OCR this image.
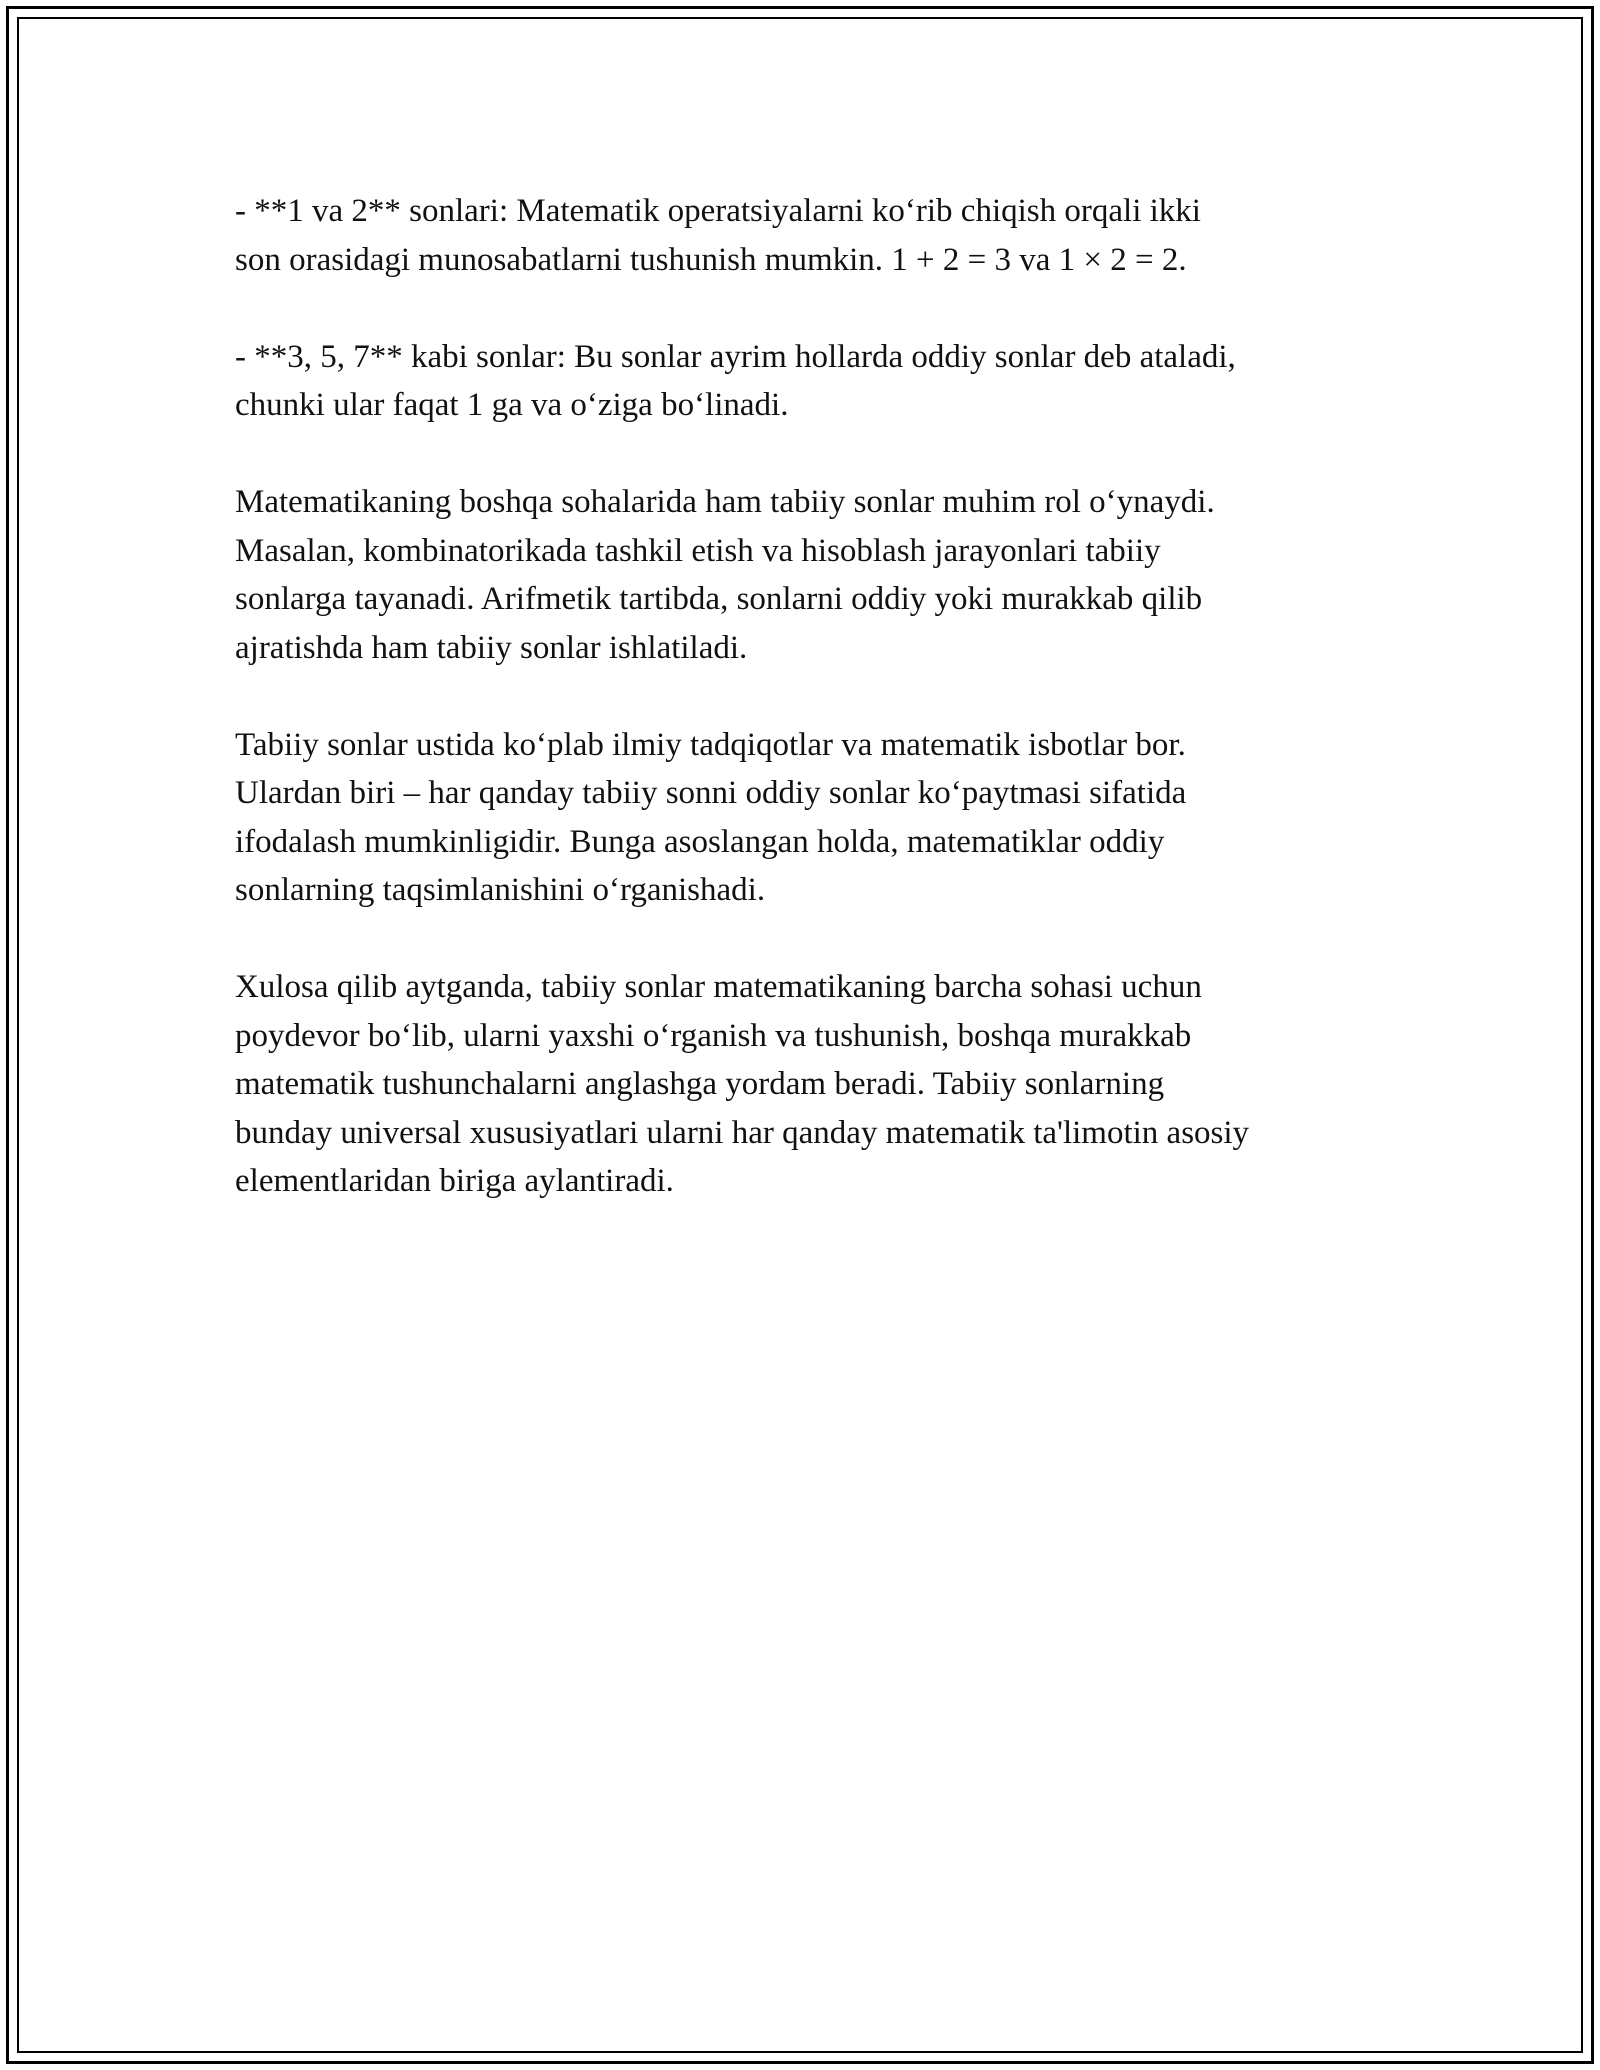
- **1 va 2** sonlari: Matematik operatsiyalarni ko‘rib chiqish orqali ikki
son orasidagi munosabatlarni tushunish mumkin. 1 + 2 = 3 va 1 × 2 = 2.

- **3, 5, 7** kabi sonlar: Bu sonlar ayrim hollarda oddiy sonlar deb ataladi,
chunki ular faqat 1 ga va o‘ziga bo‘linadi.

Matematikaning boshqa sohalarida ham tabiiy sonlar muhim rol o‘ynaydi.
Masalan, kombinatorikada tashkil etish va hisoblash jarayonlari tabiiy
sonlarga tayanadi. Arifmetik tartibda, sonlarni oddiy yoki murakkab qilib
ajratishda ham tabiiy sonlar ishlatiladi.

Tabiiy sonlar ustida ko‘plab ilmiy tadqiqotlar va matematik isbotlar bor.
Ulardan biri – har qanday tabiiy sonni oddiy sonlar ko‘paytmasi sifatida
ifodalash mumkinligidir. Bunga asoslangan holda, matematiklar oddiy
sonlarning taqsimlanishini o‘rganishadi.

Xulosa qilib aytganda, tabiiy sonlar matematikaning barcha sohasi uchun
poydevor bo‘lib, ularni yaxshi o‘rganish va tushunish, boshqa murakkab
matematik tushunchalarni anglashga yordam beradi. Tabiiy sonlarning
bunday universal xususiyatlari ularni har qanday matematik ta'limotin asosiy
elementlaridan biriga aylantiradi.
